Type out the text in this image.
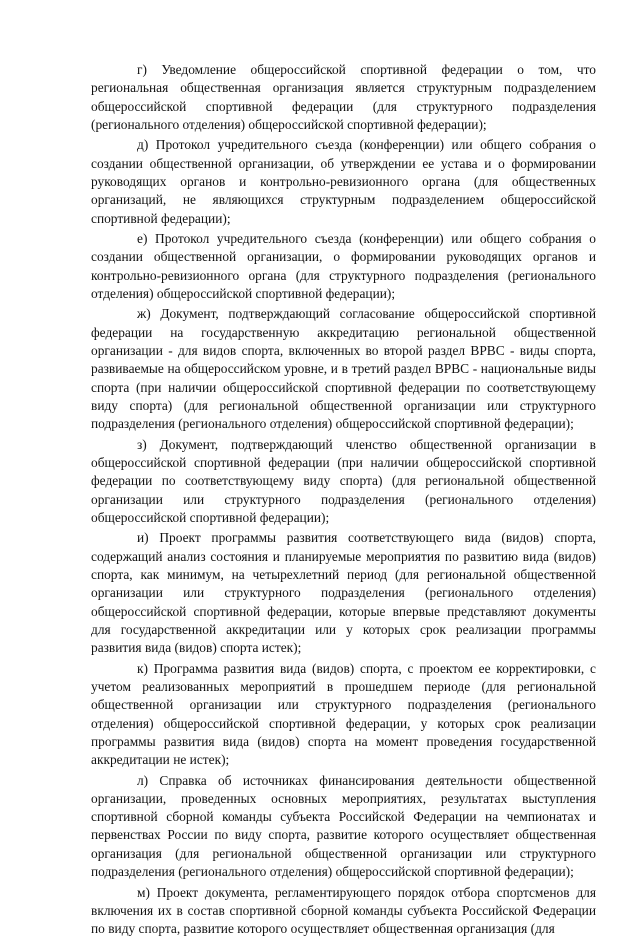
г) Уведомление общероссийской спортивной федерации о том, что региональная общественная организация является структурным подразделением общероссийской спортивной федерации (для структурного подразделения (регионального отделения) общероссийской спортивной федерации);

д) Протокол учредительного съезда (конференции) или общего собрания о создании общественной организации, об утверждении ее устава и о формировании руководящих органов и контрольно-ревизионного органа (для общественных организаций, не являющихся структурным подразделением общероссийской спортивной федерации);

е) Протокол учредительного съезда (конференции) или общего собрания о создании общественной организации, о формировании руководящих органов и контрольно-ревизионного органа (для структурного подразделения (регионального отделения) общероссийской спортивной федерации);

ж) Документ, подтверждающий согласование общероссийской спортивной федерации на государственную аккредитацию региональной общественной организации - для видов спорта, включенных во второй раздел ВРВС - виды спорта, развиваемые на общероссийском уровне, и в третий раздел ВРВС - национальные виды спорта (при наличии общероссийской спортивной федерации по соответствующему виду спорта) (для региональной общественной организации или структурного подразделения (регионального отделения) общероссийской спортивной федерации);

з) Документ, подтверждающий членство общественной организации в общероссийской спортивной федерации (при наличии общероссийской спортивной федерации по соответствующему виду спорта) (для региональной общественной организации или структурного подразделения (регионального отделения) общероссийской спортивной федерации);

и) Проект программы развития соответствующего вида (видов) спорта, содержащий анализ состояния и планируемые мероприятия по развитию вида (видов) спорта, как минимум, на четырехлетний период (для региональной общественной организации или структурного подразделения (регионального отделения) общероссийской спортивной федерации, которые впервые представляют документы для государственной аккредитации или у которых срок реализации программы развития вида (видов) спорта истек);

к) Программа развития вида (видов) спорта, с проектом ее корректировки, с учетом реализованных мероприятий в прошедшем периоде (для региональной общественной организации или структурного подразделения (регионального отделения) общероссийской спортивной федерации, у которых срок реализации программы развития вида (видов) спорта на момент проведения государственной аккредитации не истек);

л) Справка об источниках финансирования деятельности общественной организации, проведенных основных мероприятиях, результатах выступления спортивной сборной команды субъекта Российской Федерации на чемпионатах и первенствах России по виду спорта, развитие которого осуществляет общественная организация (для региональной общественной организации или структурного подразделения (регионального отделения) общероссийской спортивной федерации);

м) Проект документа, регламентирующего порядок отбора спортсменов для включения их в состав спортивной сборной команды субъекта Российской Федерации по виду спорта, развитие которого осуществляет общественная организация (для
